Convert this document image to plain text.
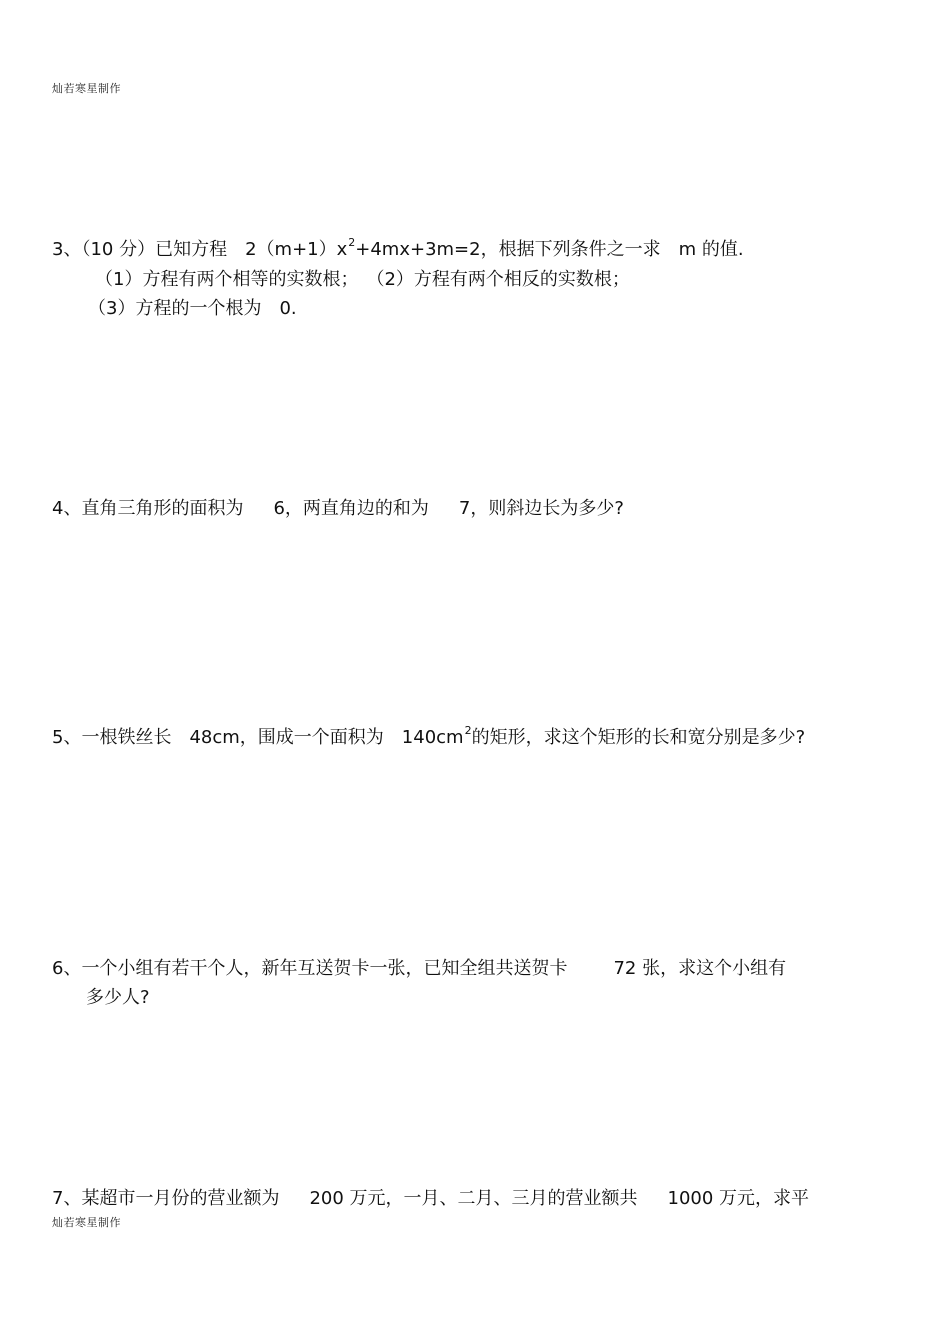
灿若寒星制作
3、（10 分）已知方程 $2(m+1)x^2+4mx+3m=2$，根据下列条件之一求 m 的值.
（1）方程有两个相等的实数根； （2）方程有两个相反的实数根；
（3）方程的一个根为 0.
4、直角三角形的面积为 6，两直角边的和为 7，则斜边长为多少?
5、一根铁丝长 48cm，围成一个面积为 $140cm^2$的矩形，求这个矩形的长和宽分别是多少?
6、一个小组有若干个人，新年互送贺卡一张，已知全组共送贺卡	72 张，求这个小组有
多少人?
7、某超市一月份的营业额为 200 万元，一月、二月、三月的营业额共 1000 万元，求平
灿若寒星制作
